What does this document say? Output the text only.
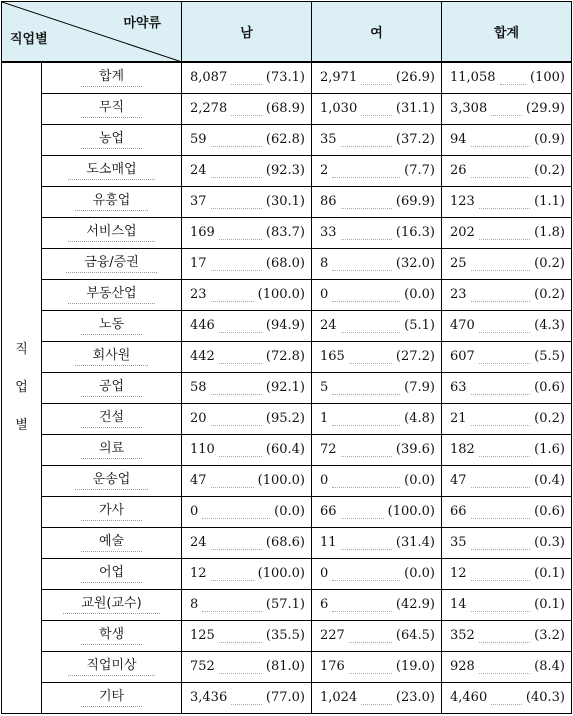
마약류
직업별		남	여	합계

직
업
별	합계	8,087 (73.1)	2,971 (26.9)	11,058 (100)

	무직	2,278 (68.9)	1,030 (31.1)	3,308 (29.9)

	농업	59 (62.8)	35 (37.2)	94 (0.9)

	도소매업	24 (92.3)	2 (7.7)	26 (0.2)

	유흥업	37 (30.1)	86 (69.9)	123 (1.1)

	서비스업	169 (83.7)	33 (16.3)	202 (1.8)

	금융/증권	17 (68.0)	8 (32.0)	25 (0.2)

	부동산업	23 (100.0)	0 (0.0)	23 (0.2)

	노동	446 (94.9)	24 (5.1)	470 (4.3)

	회사원	442 (72.8)	165 (27.2)	607 (5.5)

	공업	58 (92.1)	5 (7.9)	63 (0.6)

	건설	20 (95.2)	1 (4.8)	21 (0.2)

	의료	110 (60.4)	72 (39.6)	182 (1.6)

	운송업	47 (100.0)	0 (0.0)	47 (0.4)

	가사	0 (0.0)	66 (100.0)	66 (0.6)

	예술	24 (68.6)	11 (31.4)	35 (0.3)

	어업	12 (100.0)	0 (0.0)	12 (0.1)

	교원(교수)	8 (57.1)	6 (42.9)	14 (0.1)

	학생	125 (35.5)	227 (64.5)	352 (3.2)

	직업미상	752 (81.0)	176 (19.0)	928 (8.4)

	기타	3,436 (77.0)	1,024 (23.0)	4,460 (40.3)
